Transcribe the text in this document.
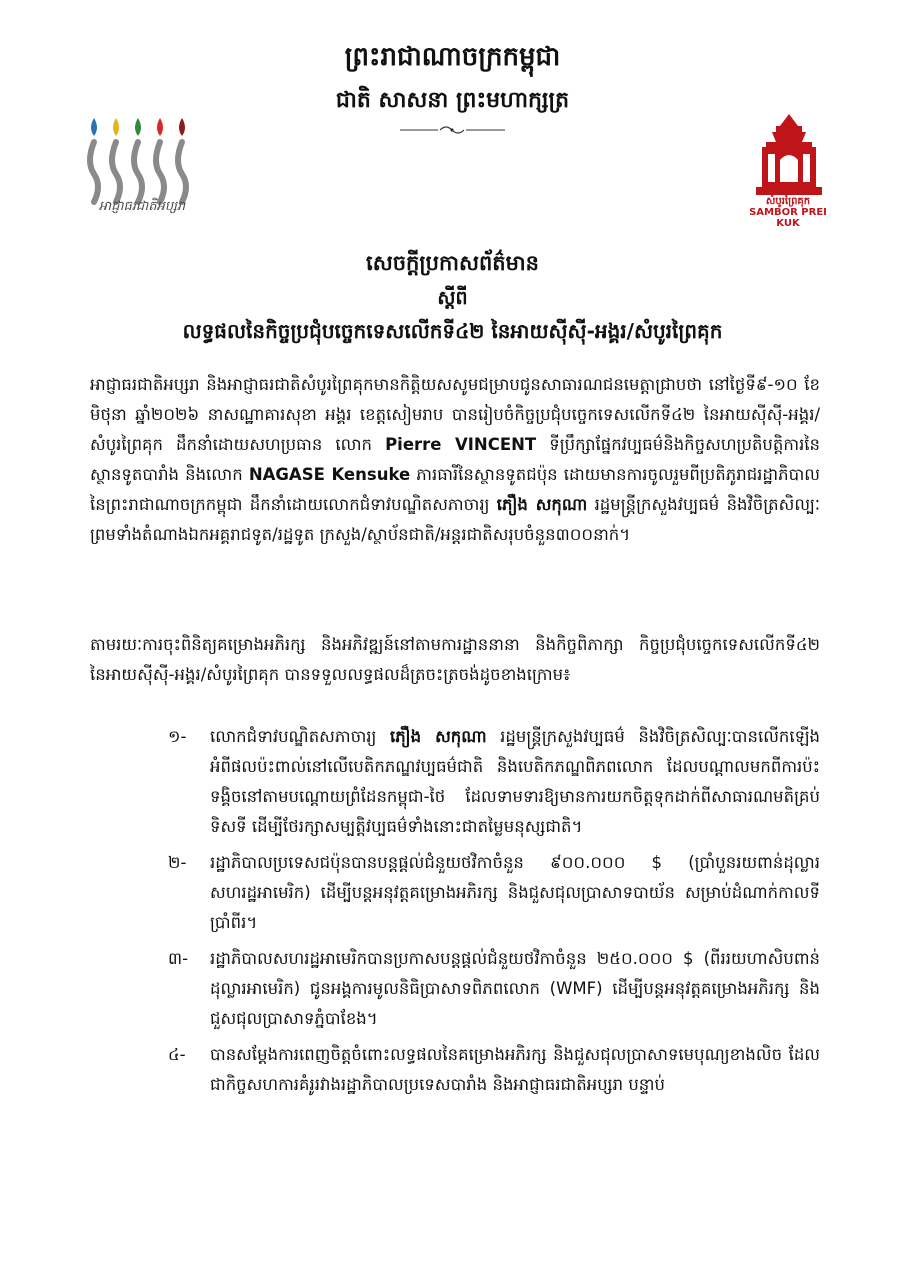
ព្រះរាជាណាចក្រកម្ពុជា
ជាតិ សាសនា ព្រះមហាក្សត្រ
អាជ្ញាធរជាតិអប្សរា	សំបូរព្រៃគុក
SAMBOR PREI KUK
សេចក្តីប្រកាសព័ត៌មាន
ស្តីពី
លទ្ធផលនៃកិច្ចប្រជុំបច្ចេកទេសលើកទី៤២ នៃអាយស៊ីស៊ី-អង្គរ/សំបូរព្រៃគុក

អាជ្ញាធរជាតិអប្សរា និងអាជ្ញាធរជាតិសំបូរព្រៃគុកមានកិត្តិយសសូមជម្រាបជូនសាធារណជនមេត្តាជ្រាបថា នៅថ្ងៃទី៩-១០ ខែមិថុនា ឆ្នាំ២០២៦ នាសណ្ឋាគារសុខា អង្គរ ខេត្តសៀមរាប បានរៀបចំកិច្ចប្រជុំបច្ចេកទេសលើកទី៤២ នៃអាយស៊ីស៊ី-អង្គរ/សំបូរព្រៃគុក ដឹកនាំដោយសហប្រធាន លោក Pierre VINCENT ទីប្រឹក្សាផ្នែកវប្បធម៌និងកិច្ចសហប្រតិបត្តិការនៃស្ថានទូតបារាំង និងលោក NAGASE Kensuke ភារធារីនៃស្ថានទូតជប៉ុន ដោយមានការចូលរួមពីប្រតិភូរាជរដ្ឋាភិបាលនៃព្រះរាជាណាចក្រកម្ពុជា ដឹកនាំដោយលោកជំទាវបណ្ឌិតសភាចារ្យ ភឿង សកុណា រដ្ឋមន្ត្រីក្រសួងវប្បធម៌ និងវិចិត្រសិល្បៈ ព្រមទាំងតំណាងឯកអគ្គរាជទូត/រដ្ឋទូត ក្រសួង/ស្ថាប័នជាតិ/អន្តរជាតិសរុបចំនួន៣០០នាក់។

តាមរយៈការចុះពិនិត្យគម្រោងអភិរក្ស និងអភិវឌ្ឍន៍នៅតាមការដ្ឋាននានា និងកិច្ចពិភាក្សា កិច្ចប្រជុំបច្ចេកទេសលើកទី៤២ នៃអាយស៊ីស៊ី-អង្គរ/សំបូរព្រៃគុក បានទទួលលទ្ធផលដ៏ត្រចះត្រចង់ដូចខាងក្រោម៖

១- លោកជំទាវបណ្ឌិតសភាចារ្យ ភឿង សកុណា រដ្ឋមន្ត្រីក្រសួងវប្បធម៌ និងវិចិត្រសិល្បៈបានលើកឡើងអំពីផលប៉ះពាល់នៅលើបេតិកភណ្ឌវប្បធម៌ជាតិ និងបេតិកភណ្ឌពិភពលោក ដែលបណ្តាលមកពីការប៉ះទង្គិចនៅតាមបណ្តោយព្រំដែនកម្ពុជា-ថៃ ដែលទាមទារឱ្យមានការយកចិត្តទុកដាក់ពីសាធារណមតិគ្រប់ទិសទី ដើម្បីថែរក្សាសម្បត្តិវប្បធម៌ទាំងនោះជាតម្លៃមនុស្សជាតិ។
២- រដ្ឋាភិបាលប្រទេសជប៉ុនបានបន្តផ្តល់ជំនួយថវិកាចំនួន ៩០០.០០០ $ (ប្រាំបួនរយពាន់ដុល្លារសហរដ្ឋអាមេរិក) ដើម្បីបន្តអនុវត្តគម្រោងអភិរក្ស និងជួសជុលប្រាសាទបាយ័ន សម្រាប់ដំណាក់កាលទីប្រាំពីរ។
៣- រដ្ឋាភិបាលសហរដ្ឋអាមេរិកបានប្រកាសបន្តផ្តល់ជំនួយថវិកាចំនួន ២៥០.០០០ $ (ពីររយហាសិបពាន់ដុល្លារអាមេរិក) ជូនអង្គការមូលនិធិប្រាសាទពិភពលោក (WMF) ដើម្បីបន្តអនុវត្តគម្រោងអភិរក្ស និងជួសជុលប្រាសាទភ្នំបាខែង។
៤- បានសម្តែងការពេញចិត្តចំពោះលទ្ធផលនៃគម្រោងអភិរក្ស និងជួសជុលប្រាសាទមេបុណ្យខាងលិច ដែលជាកិច្ចសហការគំរូរវាងរដ្ឋាភិបាលប្រទេសបារាំង និងអាជ្ញាធរជាតិអប្សរា បន្ទាប់
